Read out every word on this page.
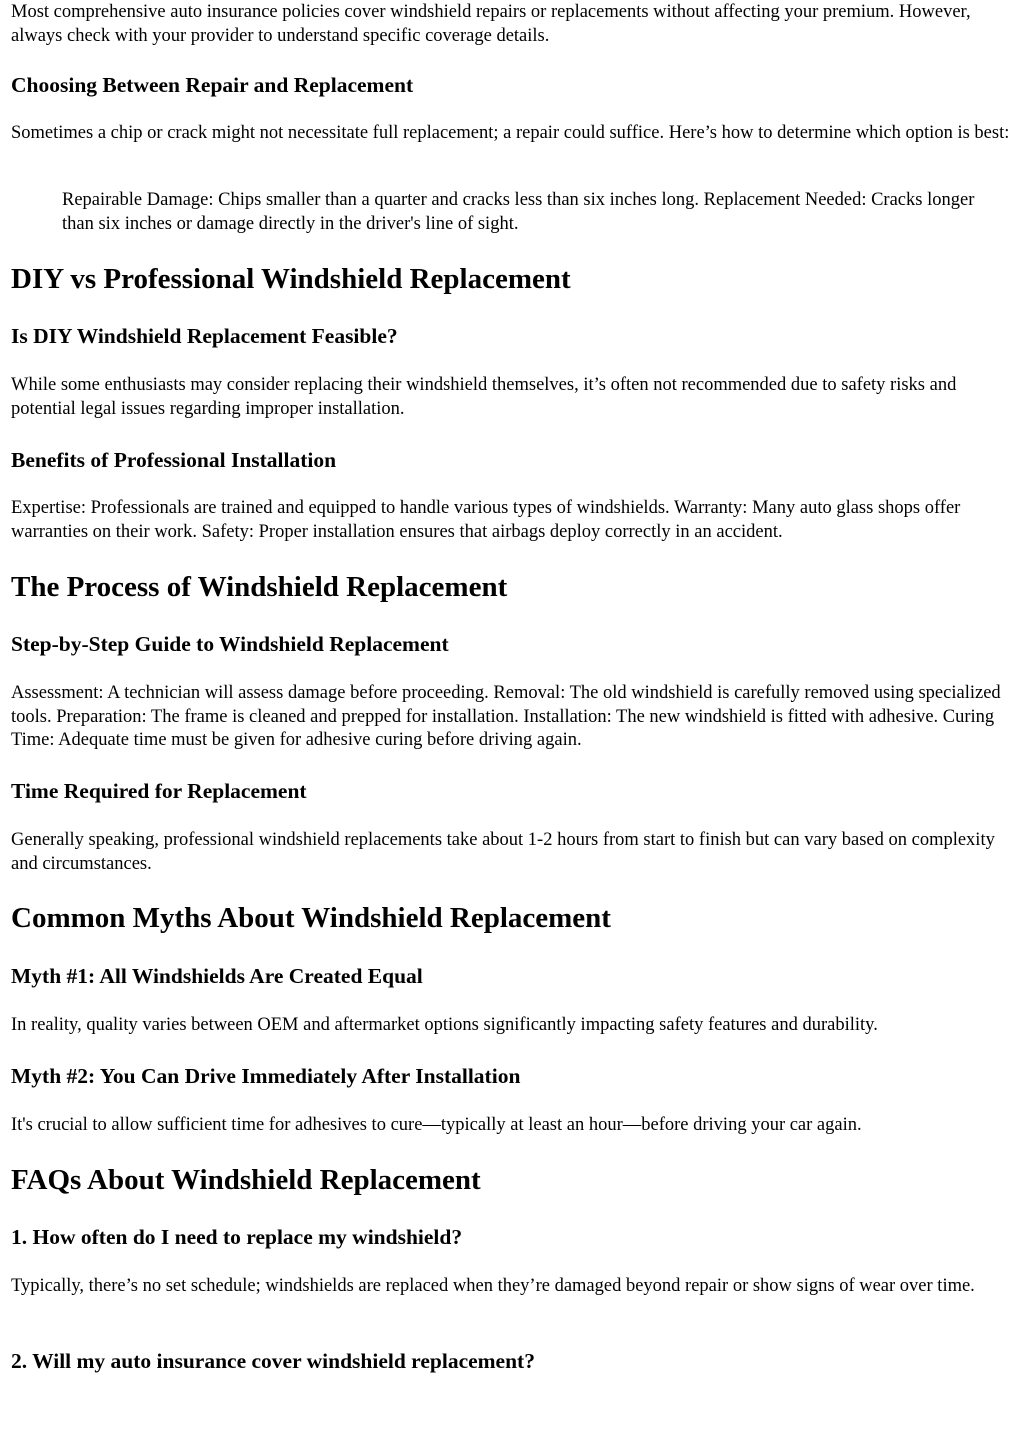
Most comprehensive auto insurance policies cover windshield repairs or replacements without affecting your premium. However, always check with your provider to understand specific coverage details.

Choosing Between Repair and Replacement

Sometimes a chip or crack might not necessitate full replacement; a repair could suffice. Here’s how to determine which option is best:

Repairable Damage: Chips smaller than a quarter and cracks less than six inches long. Replacement Needed: Cracks longer than six inches or damage directly in the driver's line of sight.

DIY vs Professional Windshield Replacement
Is DIY Windshield Replacement Feasible?

While some enthusiasts may consider replacing their windshield themselves, it’s often not recommended due to safety risks and potential legal issues regarding improper installation.

Benefits of Professional Installation

Expertise: Professionals are trained and equipped to handle various types of windshields. Warranty: Many auto glass shops offer warranties on their work. Safety: Proper installation ensures that airbags deploy correctly in an accident.

The Process of Windshield Replacement
Step-by-Step Guide to Windshield Replacement

Assessment: A technician will assess damage before proceeding. Removal: The old windshield is carefully removed using specialized tools. Preparation: The frame is cleaned and prepped for installation. Installation: The new windshield is fitted with adhesive. Curing Time: Adequate time must be given for adhesive curing before driving again.

Time Required for Replacement

Generally speaking, professional windshield replacements take about 1-2 hours from start to finish but can vary based on complexity and circumstances.

Common Myths About Windshield Replacement
Myth #1: All Windshields Are Created Equal

In reality, quality varies between OEM and aftermarket options significantly impacting safety features and durability.

Myth #2: You Can Drive Immediately After Installation

It's crucial to allow sufficient time for adhesives to cure—typically at least an hour—before driving your car again.

FAQs About Windshield Replacement
1. How often do I need to replace my windshield?

Typically, there’s no set schedule; windshields are replaced when they’re damaged beyond repair or show signs of wear over time.

2. Will my auto insurance cover windshield replacement?
